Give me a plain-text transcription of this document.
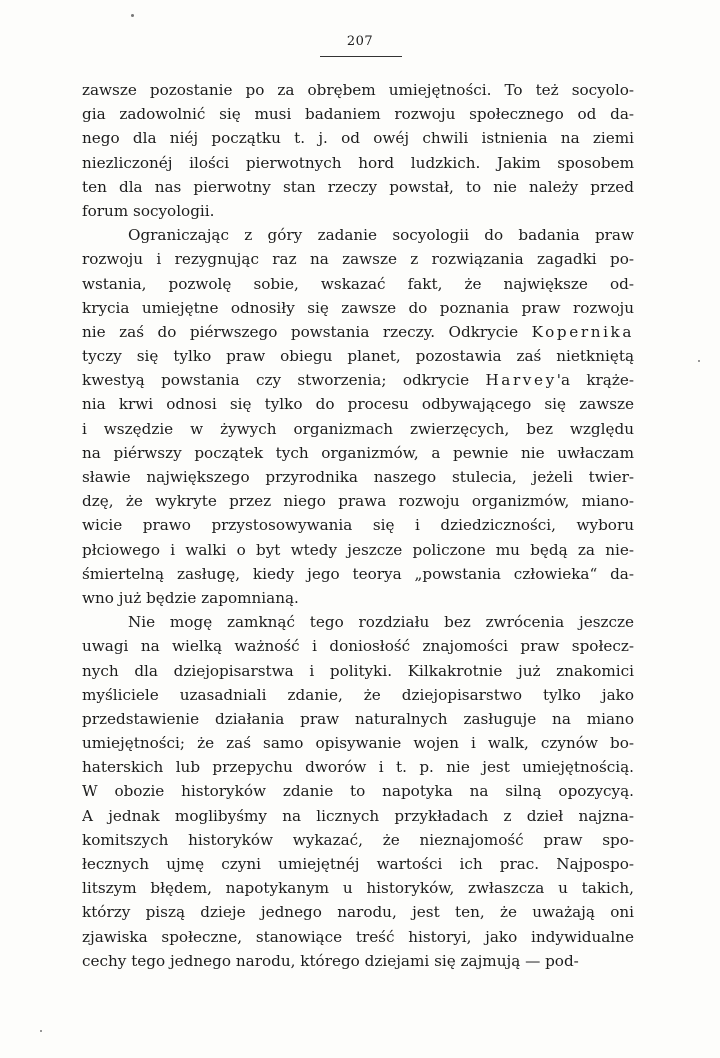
207
zawsze pozostanie po za obrębem umiejętności. To też socyolo-
gia zadowolnić się musi badaniem rozwoju społecznego od da-
nego dla niéj początku t. j. od owéj chwili istnienia na ziemi
niezliczonéj ilości pierwotnych hord ludzkich. Jakim sposobem
ten dla nas pierwotny stan rzeczy powstał, to nie należy przed
forum socyologii.
Ograniczając z góry zadanie socyologii do badania praw
rozwoju i rezygnując raz na zawsze z rozwiązania zagadki po-
wstania, pozwolę sobie, wskazać fakt, że największe od-
krycia umiejętne odnosiły się zawsze do poznania praw rozwoju
nie zaś do piérwszego powstania rzeczy. Odkrycie Kopernika
tyczy się tylko praw obiegu planet, pozostawia zaś nietkniętą
kwestyą powstania czy stworzenia; odkrycie Harvey'a krąże-
nia krwi odnosi się tylko do procesu odbywającego się zawsze
i wszędzie w żywych organizmach zwierzęcych, bez względu
na piérwszy początek tych organizmów, a pewnie nie uwłaczam
sławie największego przyrodnika naszego stulecia, jeżeli twier-
dzę, że wykryte przez niego prawa rozwoju organizmów, miano-
wicie prawo przystosowywania się i dziedziczności, wyboru
płciowego i walki o byt wtedy jeszcze policzone mu będą za nie-
śmiertelną zasługę, kiedy jego teorya „powstania człowieka“ da-
wno już będzie zapomnianą.
Nie mogę zamknąć tego rozdziału bez zwrócenia jeszcze
uwagi na wielką ważność i doniosłość znajomości praw społecz-
nych dla dziejopisarstwa i polityki. Kilkakrotnie już znakomici
myśliciele uzasadniali zdanie, że dziejopisarstwo tylko jako
przedstawienie działania praw naturalnych zasługuje na miano
umiejętności; że zaś samo opisywanie wojen i walk, czynów bo-
haterskich lub przepychu dworów i t. p. nie jest umiejętnością.
W obozie historyków zdanie to napotyka na silną opozycyą.
A jednak moglibyśmy na licznych przykładach z dzieł najzna-
komitszych historyków wykazać, że nieznajomość praw spo-
łecznych ujmę czyni umiejętnéj wartości ich prac. Najpospo-
litszym błędem, napotykanym u historyków, zwłaszcza u takich,
którzy piszą dzieje jednego narodu, jest ten, że uważają oni
zjawiska społeczne, stanowiące treść historyi, jako indywidualne
cechy tego jednego narodu, którego dziejami się zajmują — pod-
